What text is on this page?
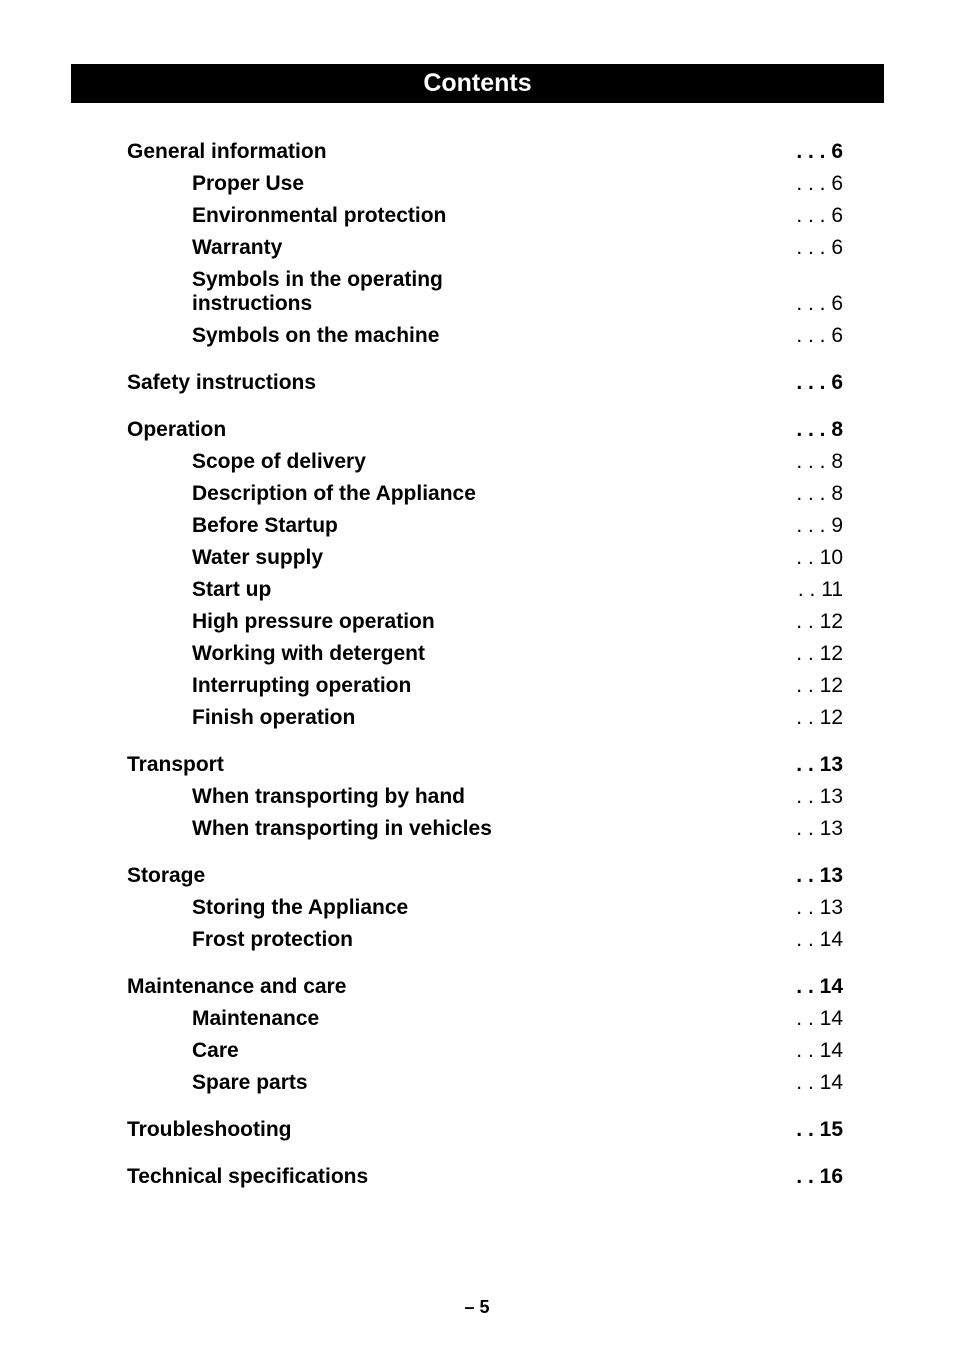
Contents
General information	. . . 6
Proper Use	. . . 6
Environmental protection	. . . 6
Warranty	. . . 6
Symbols in the operating instructions	. . . 6
Symbols on the machine	. . . 6
Safety instructions	. . . 6
Operation	. . . 8
Scope of delivery	. . . 8
Description of the Appliance	. . . 8
Before Startup	. . . 9
Water supply	. . 10
Start up	. . 11
High pressure operation	. . 12
Working with detergent	. . 12
Interrupting operation	. . 12
Finish operation	. . 12
Transport	. . 13
When transporting by hand	. . 13
When transporting in vehicles	. . 13
Storage	. . 13
Storing the Appliance	. . 13
Frost protection	. . 14
Maintenance and care	. . 14
Maintenance	. . 14
Care	. . 14
Spare parts	. . 14
Troubleshooting	. . 15
Technical specifications	. . 16
– 5
